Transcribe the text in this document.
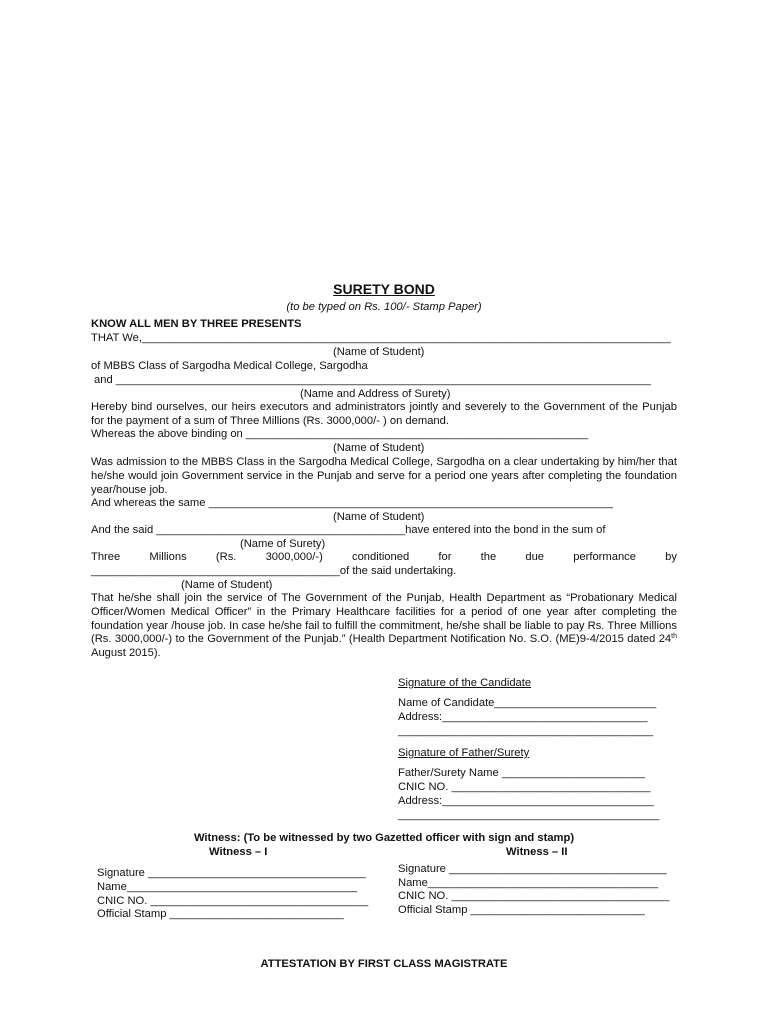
SURETY BOND
(to be typed on Rs. 100/- Stamp Paper)
KNOW ALL MEN BY THREE PRESENTS
THAT We,_____________________________________________________________________________________
(Name of Student)
of MBBS Class of Sargodha Medical College, Sargodha
and ______________________________________________________________________________________
(Name and Address of Surety)
Hereby bind ourselves, our heirs executors and administrators jointly and severely to the Government of the Punjab for the payment of a sum of Three Millions (Rs. 3000,000/- ) on demand.
Whereas the above binding on _______________________________________________________
(Name of Student)
Was admission to the MBBS Class in the Sargodha Medical College, Sargodha on a clear undertaking by him/her that he/she would join Government service in the Punjab and serve for a period one years after completing the foundation year/house job.
And whereas the same _________________________________________________________________
(Name of Student)
And the said ________________________________________have entered into the bond in the sum of
(Name of Surety)
Three Millions (Rs. 3000,000/-) conditioned for the due performance by
________________________________________of the said undertaking.
(Name of Student)
That he/she shall join the service of The Government of the Punjab, Health Department as “Probationary Medical Officer/Women Medical Officer” in the Primary Healthcare facilities for a period of one year after completing the foundation year /house job. In case he/she fail to fulfill the commitment, he/she shall be liable to pay Rs. Three Millions (Rs. 3000,000/-) to the Government of the Punjab.” (Health Department Notification No. S.O. (ME)9-4/2015 dated 24th August 2015).
Signature of the Candidate
Name of Candidate__________________________
Address:_________________________________
_________________________________________
Signature of Father/Surety
Father/Surety Name _______________________
CNIC NO. ________________________________
Address:__________________________________
__________________________________________
Witness: (To be witnessed by two Gazetted officer with sign and stamp)
Witness – I	Witness – II
Signature ___________________________________
Name_____________________________________
CNIC NO. ___________________________________
Official Stamp ____________________________
Signature ___________________________________
Name_____________________________________
CNIC NO. ___________________________________
Official Stamp ____________________________
ATTESTATION BY FIRST CLASS MAGISTRATE
